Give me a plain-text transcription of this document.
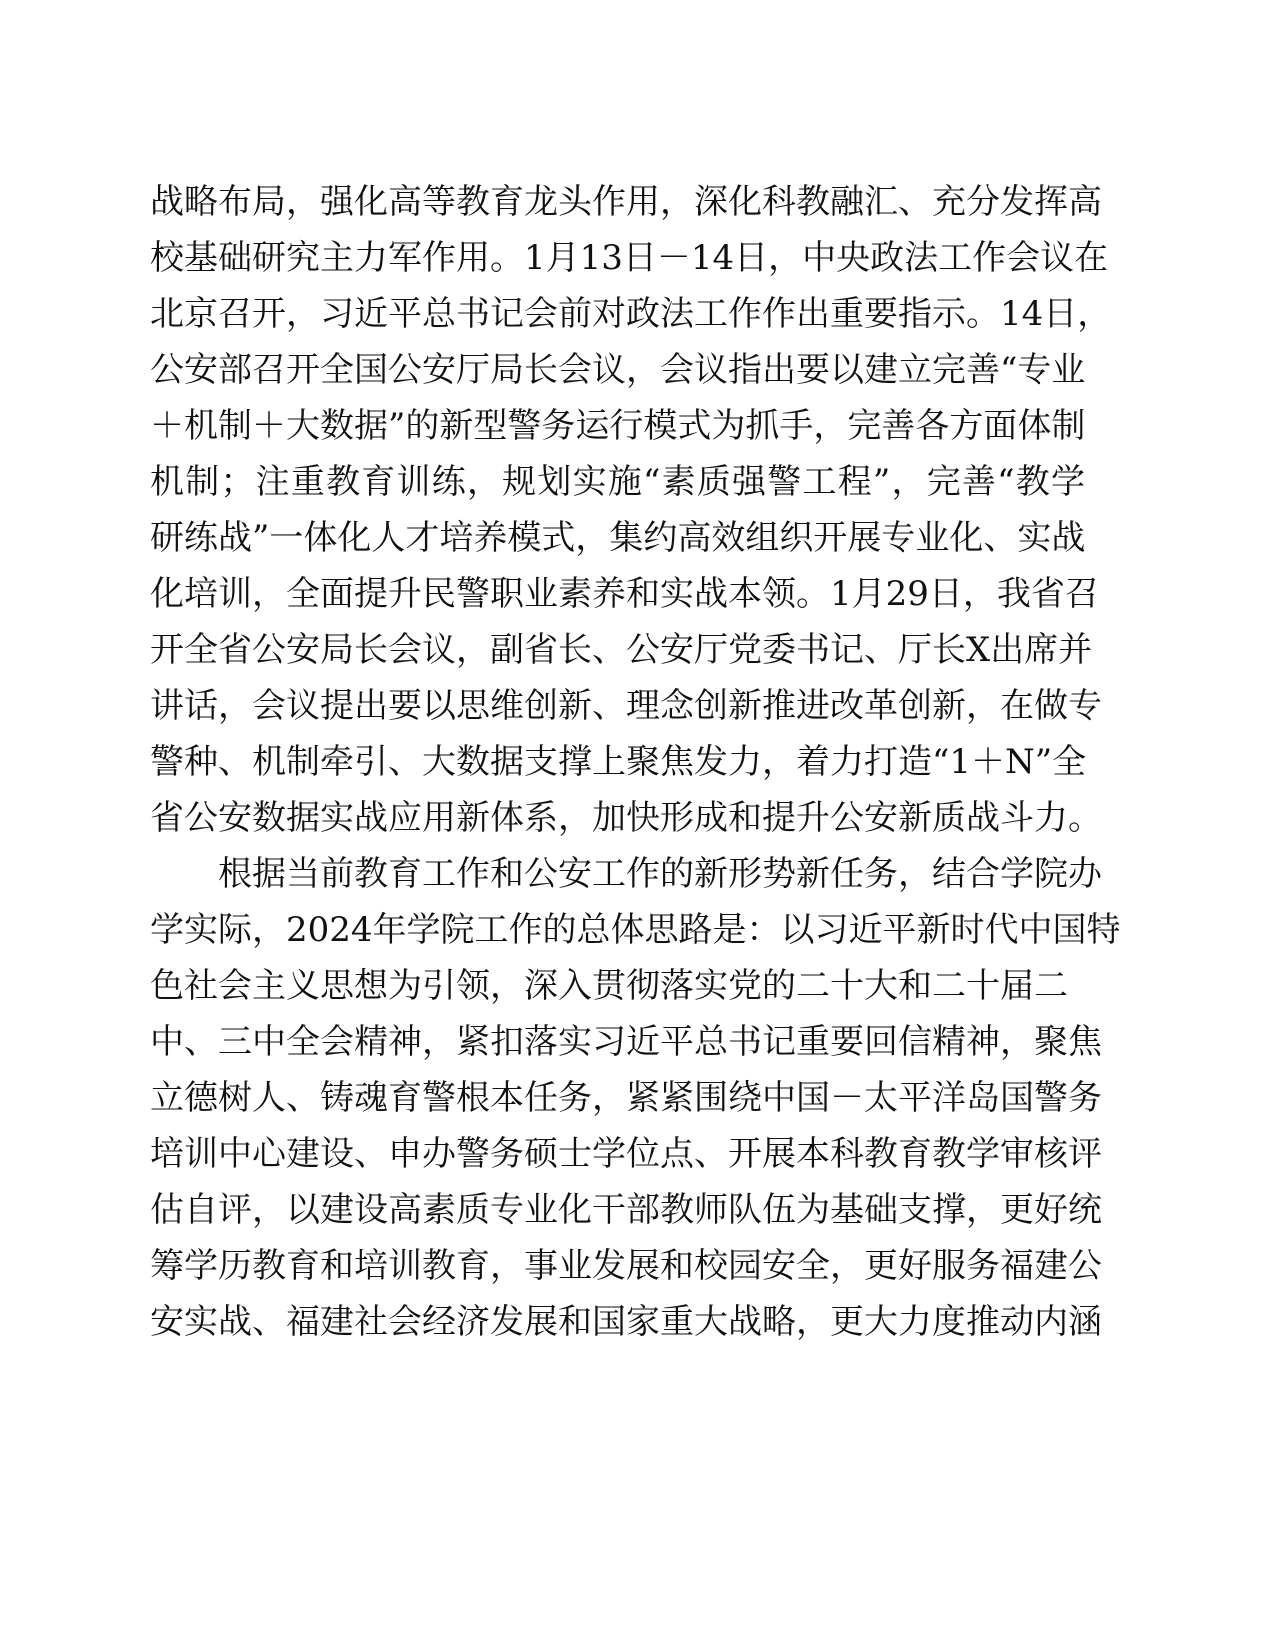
战略布局，强化高等教育龙头作用，深化科教融汇、充分发挥高
校基础研究主力军作用。1月13日－14日，中央政法工作会议在
北京召开，习近平总书记会前对政法工作作出重要指示。14日，
公安部召开全国公安厅局长会议，会议指出要以建立完善“专业
＋机制＋大数据”的新型警务运行模式为抓手，完善各方面体制
机制；注重教育训练，规划实施“素质强警工程”，完善“教学
研练战”一体化人才培养模式，集约高效组织开展专业化、实战
化培训，全面提升民警职业素养和实战本领。1月29日，我省召
开全省公安局长会议，副省长、公安厅党委书记、厅长X出席并
讲话，会议提出要以思维创新、理念创新推进改革创新，在做专
警种、机制牵引、大数据支撑上聚焦发力，着力打造“1＋N”全
省公安数据实战应用新体系，加快形成和提升公安新质战斗力。
根据当前教育工作和公安工作的新形势新任务，结合学院办
学实际，2024年学院工作的总体思路是：以习近平新时代中国特
色社会主义思想为引领，深入贯彻落实党的二十大和二十届二
中、三中全会精神，紧扣落实习近平总书记重要回信精神，聚焦
立德树人、铸魂育警根本任务，紧紧围绕中国－太平洋岛国警务
培训中心建设、申办警务硕士学位点、开展本科教育教学审核评
估自评，以建设高素质专业化干部教师队伍为基础支撑，更好统
筹学历教育和培训教育，事业发展和校园安全，更好服务福建公
安实战、福建社会经济发展和国家重大战略，更大力度推动内涵
